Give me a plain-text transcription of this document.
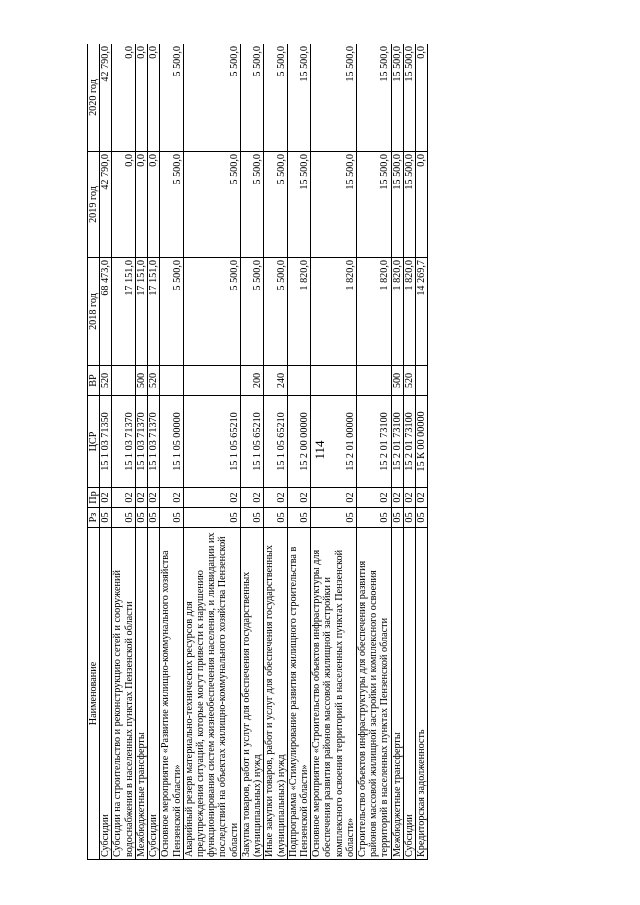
114
Наименование	Рз	Пр	ЦСР	ВР	2018 год	2019 год	2020 год
Субсидии	05	02	15 1 03 71350	520	68 473,0	42 790,0	42 790,0
Субсидии на строительство и реконструкцию сетей и сооружений водоснабжения в населенных пунктах Пензенской области	05	02	15 1 03 71370		17 151,0	0,0	0,0
Межбюджетные трансферты	05	02	15 1 03 71370	500	17 151,0	0,0	0,0
Субсидии	05	02	15 1 03 71370	520	17 151,0	0,0	0,0
Основное мероприятие «Развитие жилищно-коммунального хозяйства Пензенской области»	05	02	15 1 05 00000		5 500,0	5 500,0	5 500,0
Аварийный резерв материально-технических ресурсов для предупреждения ситуаций, которые могут привести к нарушению функционирования систем жизнеобеспечения населения, и ликвидации их последствий на объектах жилищно-коммунального хозяйства Пензенской области	05	02	15 1 05 65210		5 500,0	5 500,0	5 500,0
Закупка товаров, работ и услуг для обеспечения государственных (муниципальных) нужд	05	02	15 1 05 65210	200	5 500,0	5 500,0	5 500,0
Иные закупки товаров, работ и услуг для обеспечения государственных (муниципальных) нужд	05	02	15 1 05 65210	240	5 500,0	5 500,0	5 500,0
Подпрограмма «Стимулирование развития жилищного строительства в Пензенской области»	05	02	15 2 00 00000		1 820,0	15 500,0	15 500,0
Основное мероприятие «Строительство объектов инфраструктуры для обеспечения развития районов массовой жилищной застройки и комплексного освоения территорий в населенных пунктах Пензенской области»	05	02	15 2 01 00000		1 820,0	15 500,0	15 500,0
Строительство объектов инфраструктуры для обеспечения развития районов массовой жилищной застройки и комплексного освоения территорий в населенных пунктах Пензенской области	05	02	15 2 01 73100		1 820,0	15 500,0	15 500,0
Межбюджетные трансферты	05	02	15 2 01 73100	500	1 820,0	15 500,0	15 500,0
Субсидии	05	02	15 2 01 73100	520	1 820,0	15 500,0	15 500,0
Кредиторская задолженность	05	02	15 К 00 00000		14 269,7	0,0	0,0
